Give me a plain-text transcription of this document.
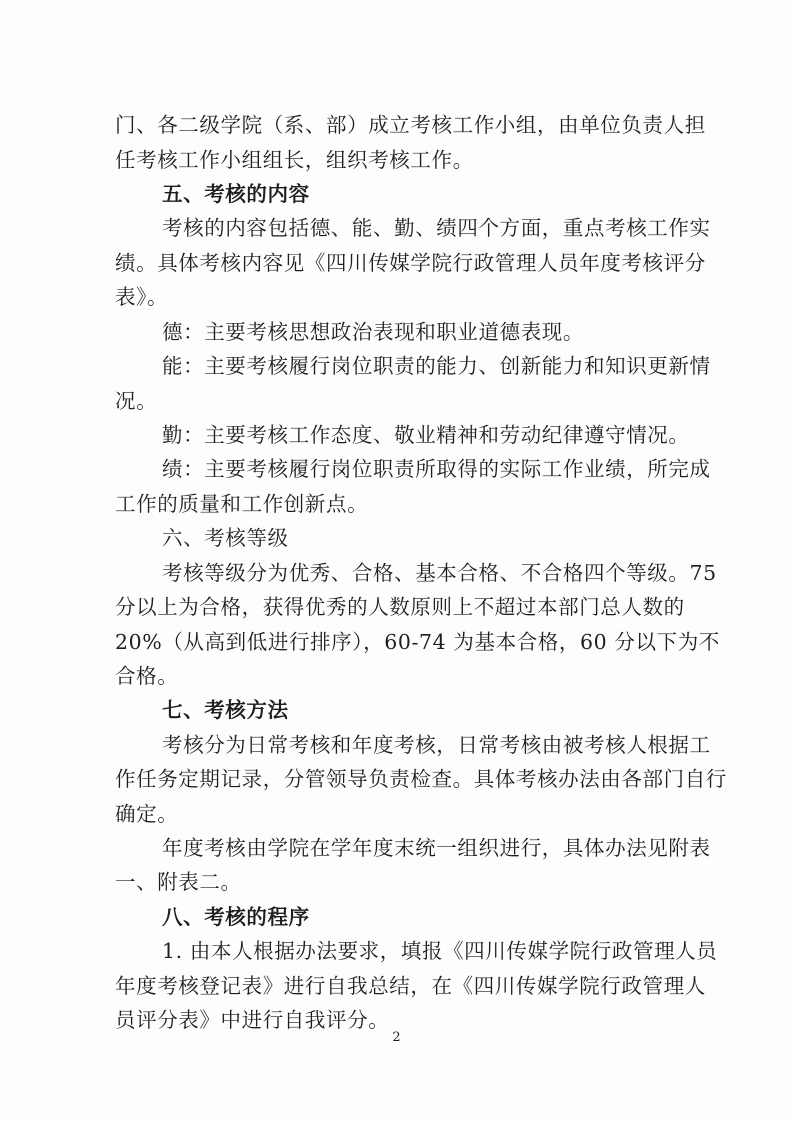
门、各二级学院（系、部）成立考核工作小组，由单位负责人担
任考核工作小组组长，组织考核工作。
五、考核的内容
考核的内容包括德、能、勤、绩四个方面，重点考核工作实
绩。具体考核内容见《四川传媒学院行政管理人员年度考核评分
表》。
德：主要考核思想政治表现和职业道德表现。
能：主要考核履行岗位职责的能力、创新能力和知识更新情
况。
勤：主要考核工作态度、敬业精神和劳动纪律遵守情况。
绩：主要考核履行岗位职责所取得的实际工作业绩，所完成
工作的质量和工作创新点。
六、考核等级
考核等级分为优秀、合格、基本合格、不合格四个等级。75
分以上为合格，获得优秀的人数原则上不超过本部门总人数的
20%（从高到低进行排序），60-74 为基本合格，60 分以下为不
合格。
七、考核方法
考核分为日常考核和年度考核，日常考核由被考核人根据工
作任务定期记录，分管领导负责检查。具体考核办法由各部门自行
确定。
年度考核由学院在学年度末统一组织进行，具体办法见附表
一、附表二。
八、考核的程序
1. 由本人根据办法要求，填报《四川传媒学院行政管理人员
年度考核登记表》进行自我总结，在《四川传媒学院行政管理人
员评分表》中进行自我评分。
2
